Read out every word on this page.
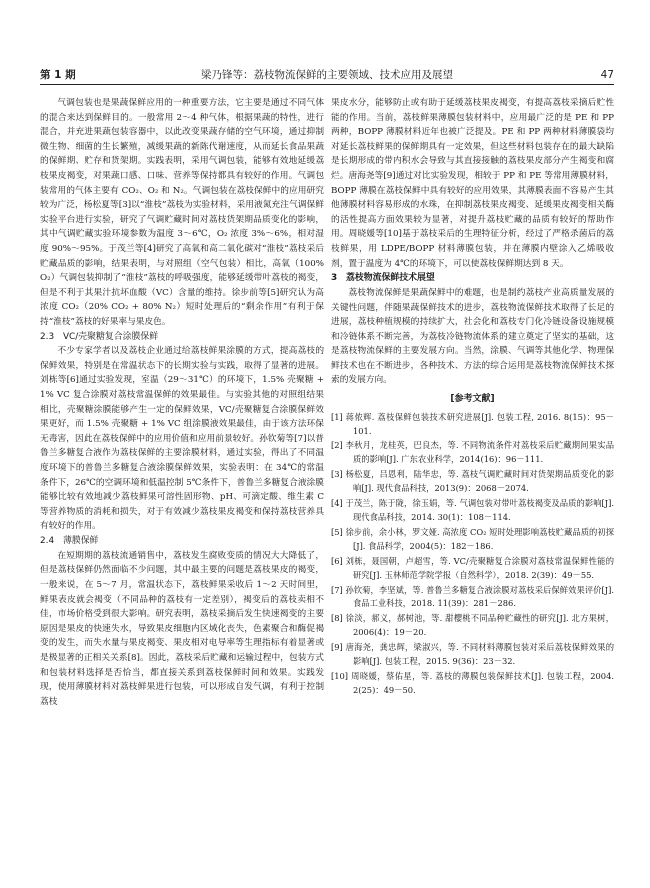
第 1 期	梁乃锋等：荔枝物流保鲜的主要领域、技术应用及展望	47

气调包装也是果蔬保鲜应用的一种重要方法，它主要是通过不同气体的混合来达到保鲜目的。一般常用 2～4 种气体，根据果蔬的特性，进行混合，并充进果蔬包装容器中，以此改变果蔬存储的空气环境，通过抑制微生物、细菌的生长繁殖，减缓果蔬的新陈代谢速度，从而延长食品果蔬的保鲜期、贮存和货架期。实践表明，采用气调包装，能够有效地延缓荔枝果皮褐变，对果蔬口感、口味、营养等保持都具有较好的作用。气调包装常用的气体主要有 CO₂、O₂ 和 N₂。气调包装在荔枝保鲜中的应用研究较为广泛，杨松夏等[3]以“淮枝”荔枝为实验材料，采用液氮充注气调保鲜实验平台进行实验，研究了气调贮藏时间对荔枝货架期品质变化的影响，其中气调贮藏实验环境参数为温度 3～6℃，O₂ 浓度 3%～6%，相对湿度 90%～95%。于茂兰等[4]研究了高氧和高二氧化碳对“淮枝”荔枝采后贮藏品质的影响，结果表明，与对照组（空气包装）相比，高氧（100% O₂）气调包装抑制了“淮枝”荔枝的呼吸强度，能够延缓带叶荔枝的褐变，但是不利于其果汁抗坏血酸（VC）含量的维持。徐步前等[5]研究认为高浓度 CO₂（20% CO₂ + 80% N₂）短时处理后的“剩余作用”有利于保持“淮枝”荔枝的好果率与果皮色。

2.3　VC/壳聚糖复合涂膜保鲜

不少专家学者以及荔枝企业通过给荔枝鲜果涂膜的方式，提高荔枝的保鲜效果，特别是在常温状态下的长期实验与实践，取得了显著的进展。刘栋等[6]通过实验发现，室温（29～31℃）的环境下，1.5% 壳聚糖 + 1% VC 复合涂膜对荔枝常温保鲜的效果最佳。与实验其他的对照组结果相比，壳聚糖涂膜能够产生一定的保鲜效果，VC/壳聚糖复合涂膜保鲜效果更好，而 1.5% 壳聚糖 + 1% VC 组涂膜液效果最佳，由于该方法环保无毒害，因此在荔枝保鲜中的应用价值和应用前景较好。孙钦菊等[7]以普鲁兰多糖复合液作为荔枝保鲜的主要涂膜材料，通过实验，得出了不同温度环境下的普鲁兰多糖复合液涂膜保鲜效果，实验表明：在 34℃的常温条件下，26℃的空调环境和低温控制 5℃条件下，普鲁兰多糖复合液涂膜能够比较有效地减少荔枝鲜果可溶性固形物、pH、可滴定酸、维生素 C 等营养物质的消耗和损失，对于有效减少荔枝果皮褐变和保持荔枝营养具有较好的作用。

2.4　薄膜保鲜

在短期期的荔枝流通销售中，荔枝发生腐败变质的情况大大降低了，但是荔枝保鲜仍然面临不少问题，其中最主要的问题是荔枝果皮的褐变，一般来说，在 5～7 月，常温状态下，荔枝鲜果采收后 1～2 天时间里，鲜果表皮就会褐变（不同品种的荔枝有一定差别），褐变后的荔枝卖相不佳，市场价格受到很大影响。研究表明，荔枝采摘后发生快速褐变的主要原因是果皮的快速失水，导致果皮细胞内区域化丧失，色素聚合和酶促褐变的发生，而失水量与果皮褐变、果皮相对电导率等生理指标有着显著或是极显著的正相关关系[8]。因此，荔枝采后贮藏和运输过程中，包装方式和包装材料选择是否恰当，都直接关系到荔枝保鲜时间和效果。实践发现，使用薄膜材料对荔枝鲜果进行包装，可以形成自发气调，有利于控制荔枝

果皮水分，能够防止或有助于延缓荔枝果皮褐变，有提高荔枝采摘后贮性能的作用。当前，荔枝鲜果薄膜包装材料中，应用最广泛的是 PE 和 PP 两种，BOPP 薄膜材料近年也被广泛提及。PE 和 PP 两种材料薄膜袋均对延长荔枝鲜果的保鲜期具有一定效果，但这些材料包装存在的最大缺陷是长期形成的带内积水会导致与其直接接触的荔枝果皮部分产生褐变和腐烂。唐海尧等[9]通过对比实验发现，相较于 PP 和 PE 等常用薄膜材料，BOPP 薄膜在荔枝保鲜中具有较好的应用效果，其薄膜表面不容易产生其他薄膜材料容易形成的水珠，在抑制荔枝果皮褐变、延缓果皮褐变相关酶的活性提高方面效果较为显著，对提升荔枝贮藏的品质有较好的帮助作用。周晓媛等[10]基于荔枝采后的生理特征分析，经过了严格杀菌后的荔枝鲜果，用 LDPE/BOPP 材料薄膜包装，并在薄膜内壁涂入乙烯吸收剂，置于温度为 4℃的环境下，可以使荔枝保鲜期达到 8 天。

3　荔枝物流保鲜技术展望

荔枝物流保鲜是果蔬保鲜中的难题，也是制约荔枝产业高质量发展的关键性问题，伴随果蔬保鲜技术的进步，荔枝物流保鲜技术取得了长足的进展，荔枝种植规模的持续扩大，社会化和荔枝专门化冷链设备设施规模和冷链体系不断完善，为荔枝冷链物流体系的建立奠定了坚实的基础，这是荔枝物流保鲜的主要发展方向。当然，涂膜、气调等其他化学、物理保鲜技术也在不断进步，各种技术、方法的综合运用是荔枝物流保鲜技术探索的发展方向。

[参考文献]
[1] 蒋侬辉. 荔枝保鲜包装技术研究进展[J]. 包装工程, 2016. 8(15)：95－101.
[2] 李秋月，龙桂英，巴良杰，等. 不同物流条件对荔枝采后贮藏期间果实品质的影响[J]. 广东农业科学，2014(16)：96－111.
[3] 杨松夏，吕恩利，陆华忠，等. 荔枝气调贮藏时间对货架期品质变化的影响[J]. 现代食品科技，2013(9)：2068－2074.
[4] 于茂兰，陈于陇，徐玉娟，等. 气调包装对带叶荔枝褐变及品质的影响[J]. 现代食品科技，2014. 30(1)：108－114.
[5] 徐步前，余小林，罗文娅. 高浓度 CO₂ 短时处理影响荔枝贮藏品质的初探[J]. 食品科学，2004(5)：182－186.
[6] 刘栋，聂国朝，卢超雪，等. VC/壳聚糖复合涂膜对荔枝常温保鲜性能的研究[J]. 玉林师范学院学报（自然科学），2018. 2(39)：49－55.
[7] 孙钦菊，李坚斌，等. 普鲁兰多糖复合液涂膜对荔枝采后保鲜效果评价[J]. 食品工业科技，2018. 11(39)：281－286.
[8] 徐淡，郝义，郝树池，等. 甜樱桃不同品种贮藏性的研究[J]. 北方果树，2006(4)：19－20.
[9] 唐海尧，龚忠辉，梁淑兴，等. 不同材料薄膜包装对采后荔枝保鲜效果的影响[J]. 包装工程，2015. 9(36)：23－32.
[10] 周晓媛，蔡佑星，等. 荔枝的薄膜包装保鲜技术[J]. 包装工程，2004. 2(25)：49－50.
